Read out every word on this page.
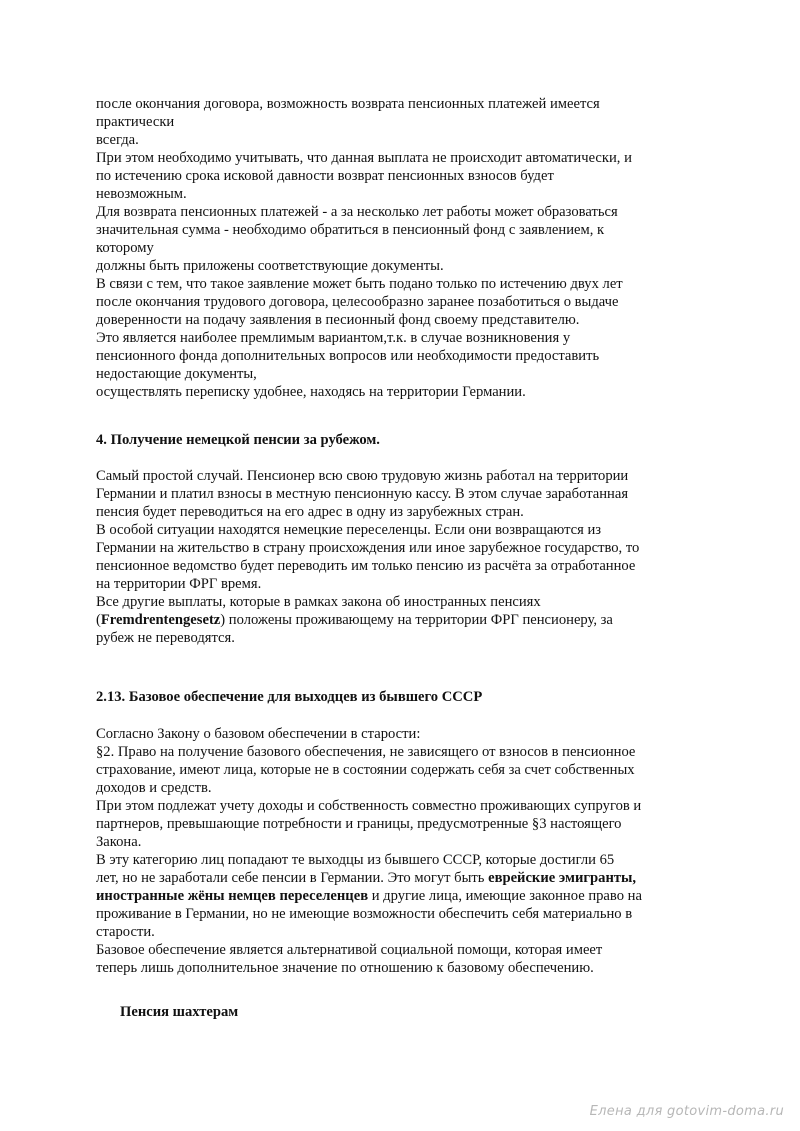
после окончания договора, возможность возврата пенсионных платежей имеется
практически
всегда.
При этом необходимо учитывать, что данная выплата не происходит автоматически, и
по истечению срока исковой давности возврат пенсионных взносов будет
невозможным.
Для возврата пенсионных платежей - а за несколько лет работы может образоваться
значительная сумма - необходимо обратиться в пенсионный фонд с заявлением, к
которому
должны быть приложены соответствующие документы.
В связи с тем, что такое заявление может быть подано только по истечению двух лет
после окончания трудового договора, целесообразно заранее позаботиться о выдаче
доверенности на подачу заявления в песионный фонд своему представителю.
Это является наиболее премлимым вариантом,т.к. в случае возникновения у
пенсионного фонда дополнительных вопросов или необходимости предоставить
недостающие документы,
осуществлять переписку удобнее, находясь на территории Германии.
4. Получение немецкой пенсии за рубежом.
Самый простой случай. Пенсионер всю свою трудовую жизнь работал на территории
Германии и платил взносы в местную пенсионную кассу. В этом случае заработанная
пенсия будет переводиться на его адрес в одну из зарубежных стран.
В особой ситуации находятся немецкие переселенцы. Если они возвращаются из
Германии на жительство в страну происхождения или иное зарубежное государство, то
пенсионное ведомство будет переводить им только пенсию из расчёта за отработанное
на территории ФРГ время.
Все другие выплаты, которые в рамках закона об иностранных пенсиях
(Fremdrentengesetz) положены проживающему на территории ФРГ пенсионеру, за
рубеж не переводятся.
2.13. Базовое обеспечение для выходцев из бывшего СССР
Согласно Закону о базовом обеспечении в старости:
§2. Право на получение базового обеспечения, не зависящего от взносов в пенсионное
страхование, имеют лица, которые не в состоянии содержать себя за счет собственных
доходов и средств.
При этом подлежат учету доходы и собственность совместно проживающих супругов и
партнеров, превышающие потребности и границы, предусмотренные §3 настоящего
Закона.
В эту категорию лиц попадают те выходцы из бывшего СССР, которые достигли 65
лет, но не заработали себе пенсии в Германии. Это могут быть еврейские эмигранты,
иностранные жёны немцев переселенцев и другие лица, имеющие законное право на
проживание в Германии, но не имеющие возможности обеспечить себя материально в
старости.
Базовое обеспечение является альтернативой социальной помощи, которая имеет
теперь лишь дополнительное значение по отношению к базовому обеспечению.
Пенсия шахтерам
Елена для gotovim-doma.ru
